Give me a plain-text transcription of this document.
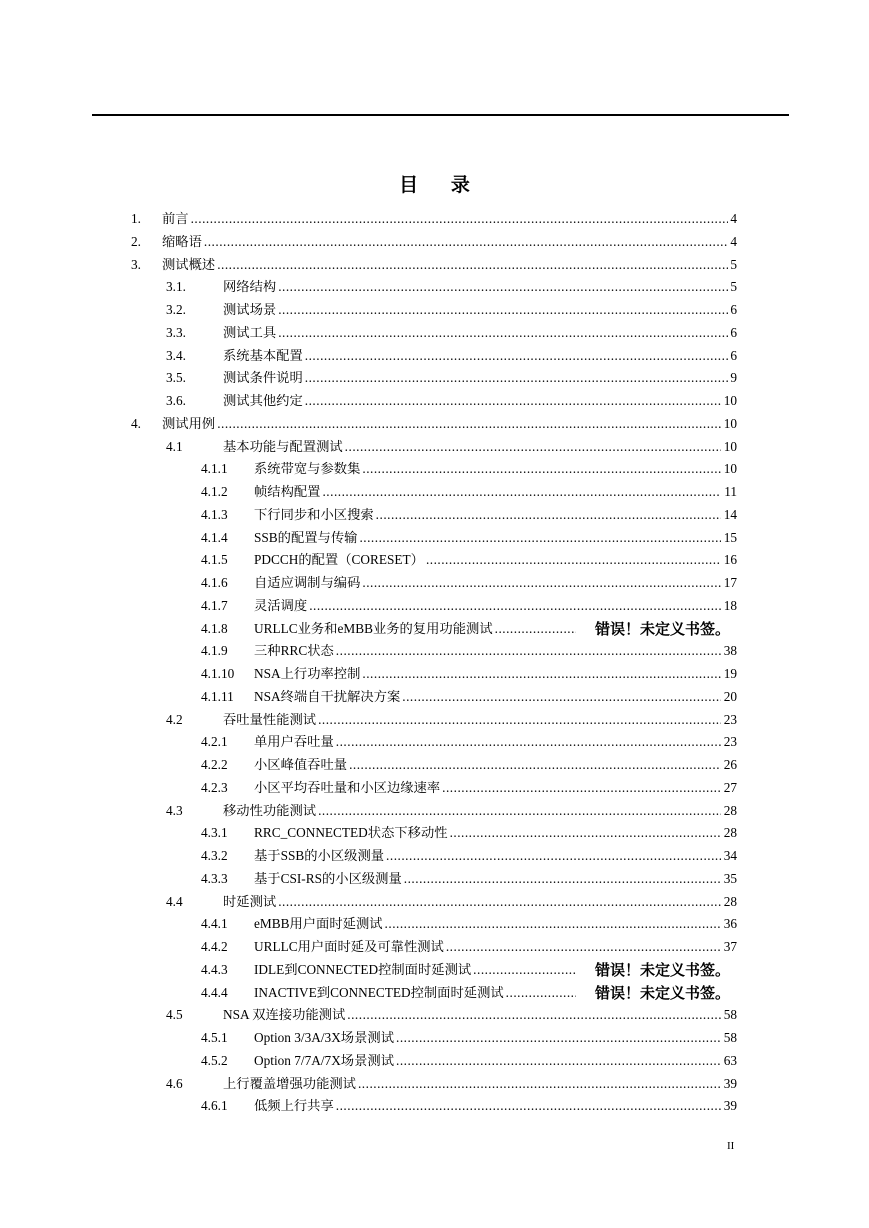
目 录
1. 前言 .....	4
2. 缩略语 .....	4
3. 测试概述 .....	5
3.1.	网络结构 .....	5
3.2.	测试场景 .....	6
3.3.	测试工具 .....	6
3.4.	系统基本配置 .....	6
3.5.	测试条件说明 .....	9
3.6.	测试其他约定 .....	10
4. 测试用例 .....	10
4.1	基本功能与配置测试 .....	10
4.1.1 系统带宽与参数集 .....	10
4.1.2 帧结构配置 .....	11
4.1.3 下行同步和小区搜索 .....	14
4.1.4 SSB的配置与传输 .....	15
4.1.5 PDCCH的配置（CORESET） .....	16
4.1.6 自适应调制与编码 .....	17
4.1.7 灵活调度 .....	18
4.1.8 URLLC业务和eMBB业务的复用功能测试 .....	错误！未定义书签。
4.1.9 三种RRC状态 .....	38
4.1.10 NSA上行功率控制 .....	19
4.1.11 NSA终端自干扰解决方案 .....	20
4.2	吞吐量性能测试 .....	23
4.2.1 单用户吞吐量 .....	23
4.2.2 小区峰值吞吐量 .....	26
4.2.3 小区平均吞吐量和小区边缘速率 .....	27
4.3	移动性功能测试 .....	28
4.3.1 RRC_CONNECTED状态下移动性 .....	28
4.3.2 基于SSB的小区级测量 .....	34
4.3.3 基于CSI-RS的小区级测量 .....	35
4.4	时延测试 .....	28
4.4.1 eMBB用户面时延测试 .....	36
4.4.2 URLLC用户面时延及可靠性测试 .....	37
4.4.3 IDLE到CONNECTED控制面时延测试 .....	错误！未定义书签。
4.4.4 INACTIVE到CONNECTED控制面时延测试 .....	错误！未定义书签。
4.5	NSA 双连接功能测试 .....	58
4.5.1 Option 3/3A/3X场景测试 .....	58
4.5.2 Option 7/7A/7X场景测试 .....	63
4.6	上行覆盖增强功能测试 .....	39
4.6.1 低频上行共享 .....	39
II
